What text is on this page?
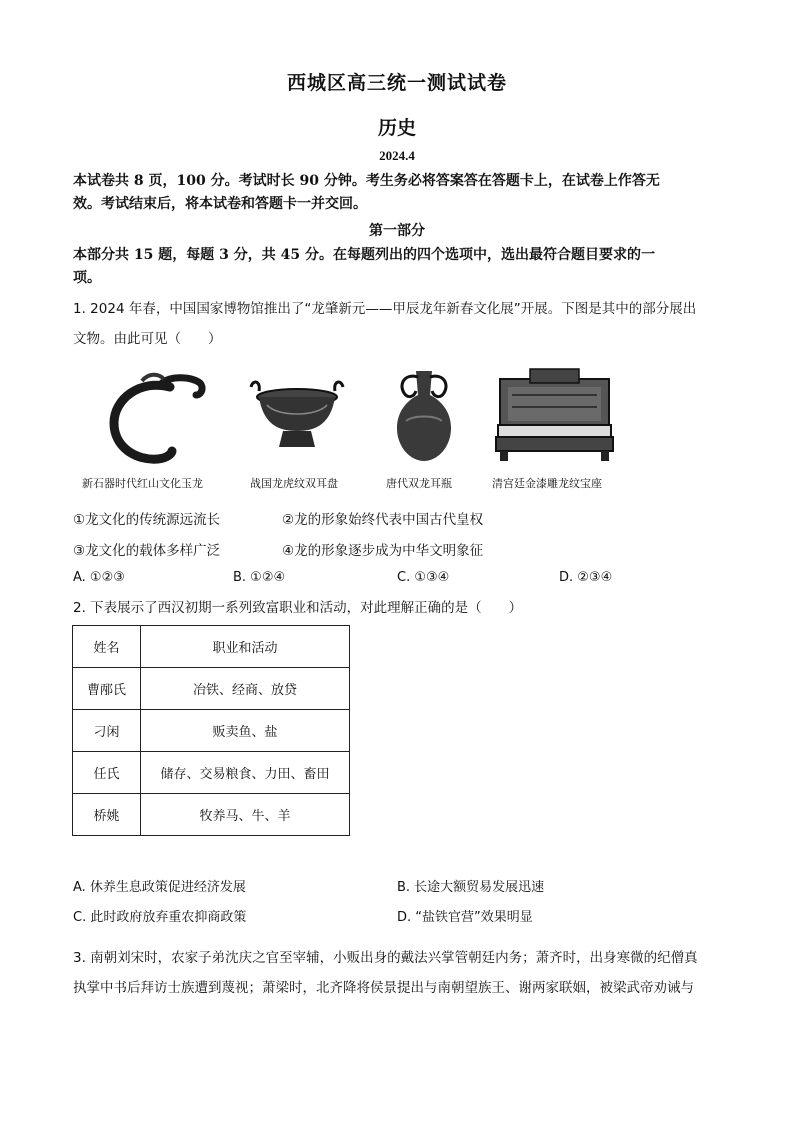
西城区高三统一测试试卷
历史
2024.4
本试卷共 8 页，100 分。考试时长 90 分钟。考生务必将答案答在答题卡上，在试卷上作答无
效。考试结束后，将本试卷和答题卡一并交回。
第一部分
本部分共 15 题，每题 3 分，共 45 分。在每题列出的四个选项中，选出最符合题目要求的一
项。
1. 2024 年春，中国国家博物馆推出了“龙肇新元——甲辰龙年新春文化展”开展。下图是其中的部分展出
文物。由此可见（　　）
新石器时代红山文化玉龙	战国龙虎纹双耳盘	唐代双龙耳瓶	清宫廷金漆雕龙纹宝座
①龙文化的传统源远流长	②龙的形象始终代表中国古代皇权
③龙文化的载体多样广泛	④龙的形象逐步成为中华文明象征
A. ①②③	B. ①②④	C. ①③④	D. ②③④
2. 下表展示了西汉初期一系列致富职业和活动，对此理解正确的是（　　）
姓名	职业和活动
曹邴氏	冶铁、经商、放贷
刁闲	贩卖鱼、盐
任氏	储存、交易粮食、力田、畜田
桥姚	牧养马、牛、羊
A. 休养生息政策促进经济发展	B. 长途大额贸易发展迅速
C. 此时政府放弃重农抑商政策	D. “盐铁官营”效果明显
3. 南朝刘宋时，农家子弟沈庆之官至宰辅，小贩出身的戴法兴掌管朝廷内务；萧齐时，出身寒微的纪僧真
执掌中书后拜访士族遭到蔑视；萧梁时，北齐降将侯景提出与南朝望族王、谢两家联姻，被梁武帝劝诫与
